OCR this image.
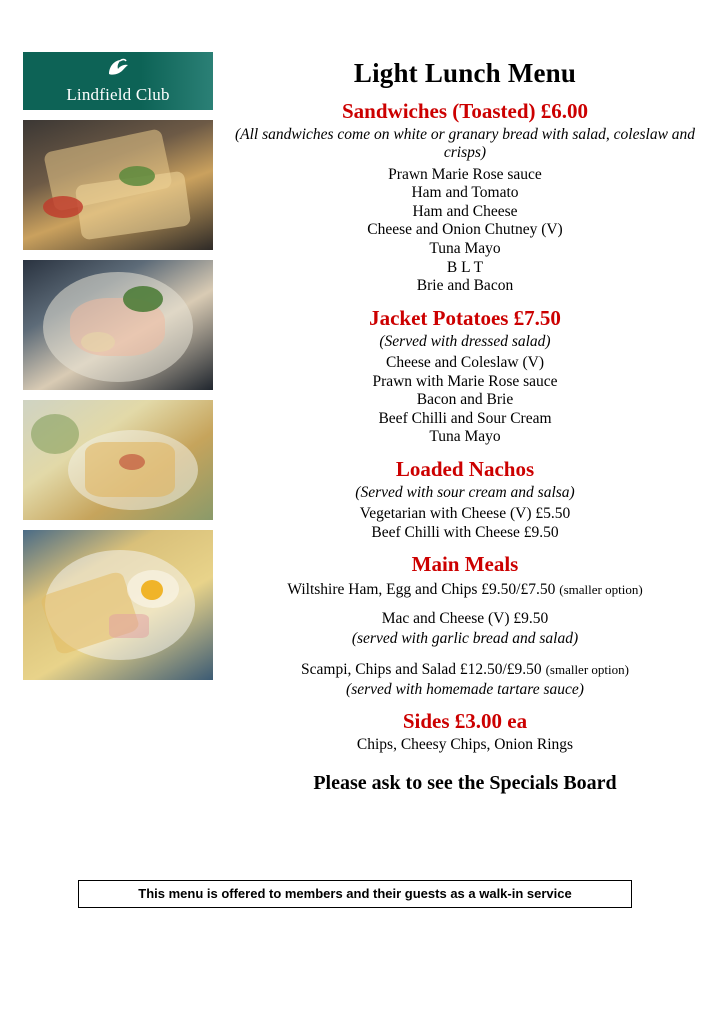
Lindfield Club
Light Lunch Menu
Sandwiches (Toasted) £6.00
(All sandwiches come on white or granary bread with salad, coleslaw and crisps)
Prawn Marie Rose sauce
Ham and Tomato
Ham and Cheese
Cheese and Onion Chutney (V)
Tuna Mayo
B L T
Brie and Bacon
Jacket Potatoes £7.50
(Served with dressed salad)
Cheese and Coleslaw (V)
Prawn with Marie Rose sauce
Bacon and Brie
Beef Chilli and Sour Cream
Tuna Mayo
Loaded Nachos
(Served with sour cream and salsa)
Vegetarian with Cheese (V) £5.50
Beef Chilli with Cheese £9.50
Main Meals
Wiltshire Ham, Egg and Chips £9.50/£7.50 (smaller option)
Mac and Cheese (V) £9.50
(served with garlic bread and salad)
Scampi, Chips and Salad £12.50/£9.50 (smaller option)
(served with homemade tartare sauce)
Sides £3.00 ea
Chips, Cheesy Chips, Onion Rings
Please ask to see the Specials Board
This menu is offered to members and their guests as a walk-in service
